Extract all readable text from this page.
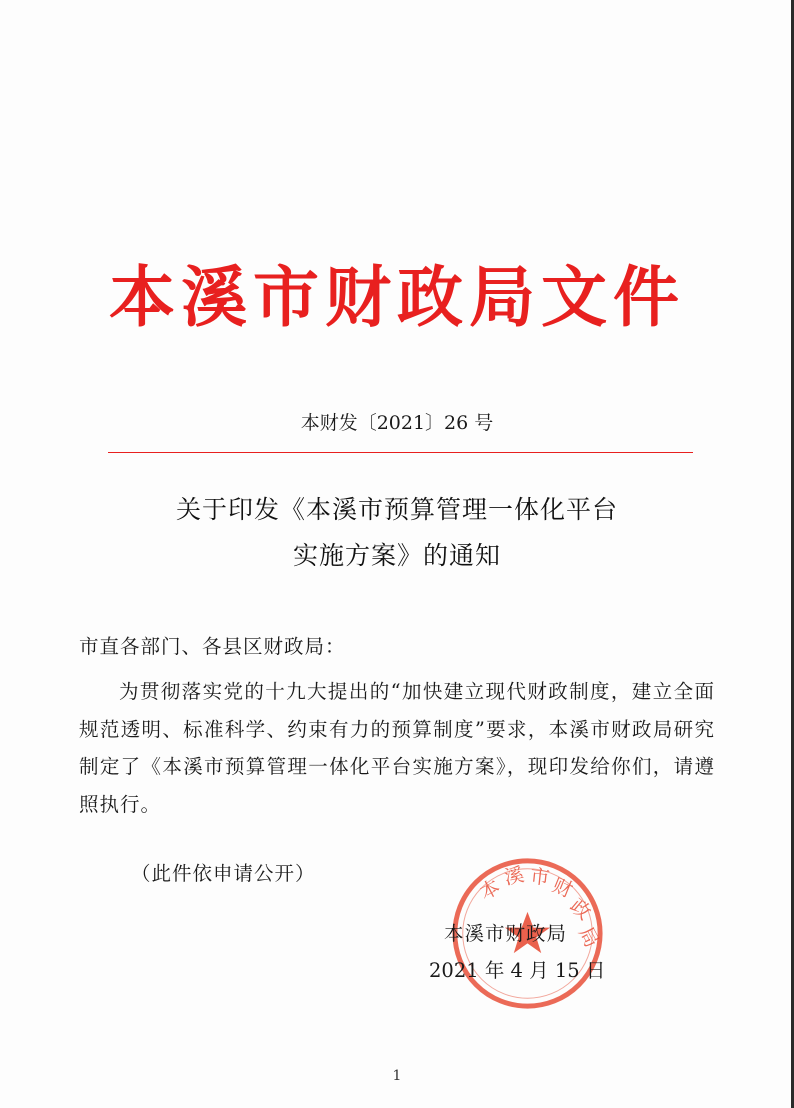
本溪市财政局文件
本财发〔2021〕26 号
关于印发《本溪市预算管理一体化平台
实施方案》的通知
市直各部门、各县区财政局：
为贯彻落实党的十九大提出的“加快建立现代财政制度，建立全面规范透明、标准科学、约束有力的预算制度”要求，本溪市财政局研究制定了《本溪市预算管理一体化平台实施方案》，现印发给你们，请遵照执行。
（此件依申请公开）
本
溪 市
财
政
局
本溪市财政局
2021 年 4 月 15 日
1
